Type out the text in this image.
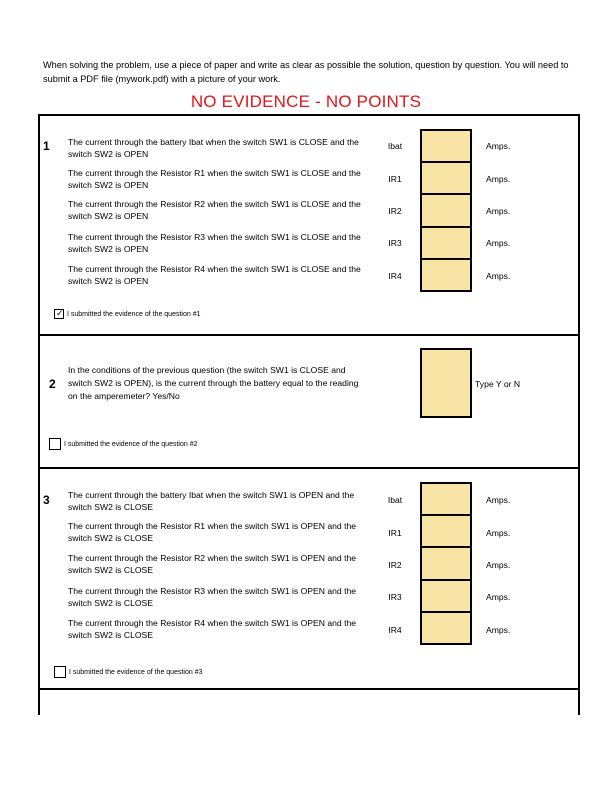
When solving the problem, use a piece of paper and write as clear as possible the solution, question by question. You will need to submit a PDF file (mywork.pdf) with a picture of your work.
NO EVIDENCE - NO POINTS
1 The current through the battery Ibat when the switch SW1 is CLOSE and the switch SW2 is OPEN
The current through the Resistor R1 when the switch SW1 is CLOSE and the switch SW2 is OPEN
The current through the Resistor R2 when the switch SW1 is CLOSE and the switch SW2 is OPEN
The current through the Resistor R3 when the switch SW1 is CLOSE and the switch SW2 is OPEN
The current through the Resistor R4 when the switch SW1 is CLOSE and the switch SW2 is OPEN
Ibat
IR1
IR2
IR3
IR4
Amps.
Amps.
Amps.
Amps.
Amps.
✓
I submitted the evidence of the question #1
2
In the conditions of the previous question (the switch SW1 is CLOSE and switch SW2 is OPEN), is the current through the battery equal to the reading on the amperemeter? Yes/No
Type Y or N
I submitted the evidence of the question #2
3 The current through the battery Ibat when the switch SW1 is OPEN and the switch SW2 is CLOSE
The current through the Resistor R1 when the switch SW1 is OPEN and the switch SW2 is CLOSE
The current through the Resistor R2 when the switch SW1 is OPEN and the switch SW2 is CLOSE
The current through the Resistor R3 when the switch SW1 is OPEN and the switch SW2 is CLOSE
The current through the Resistor R4 when the switch SW1 is OPEN and the switch SW2 is CLOSE
Ibat
IR1
IR2
IR3
IR4
Amps.
Amps.
Amps.
Amps.
Amps.
I submitted the evidence of the question #3
